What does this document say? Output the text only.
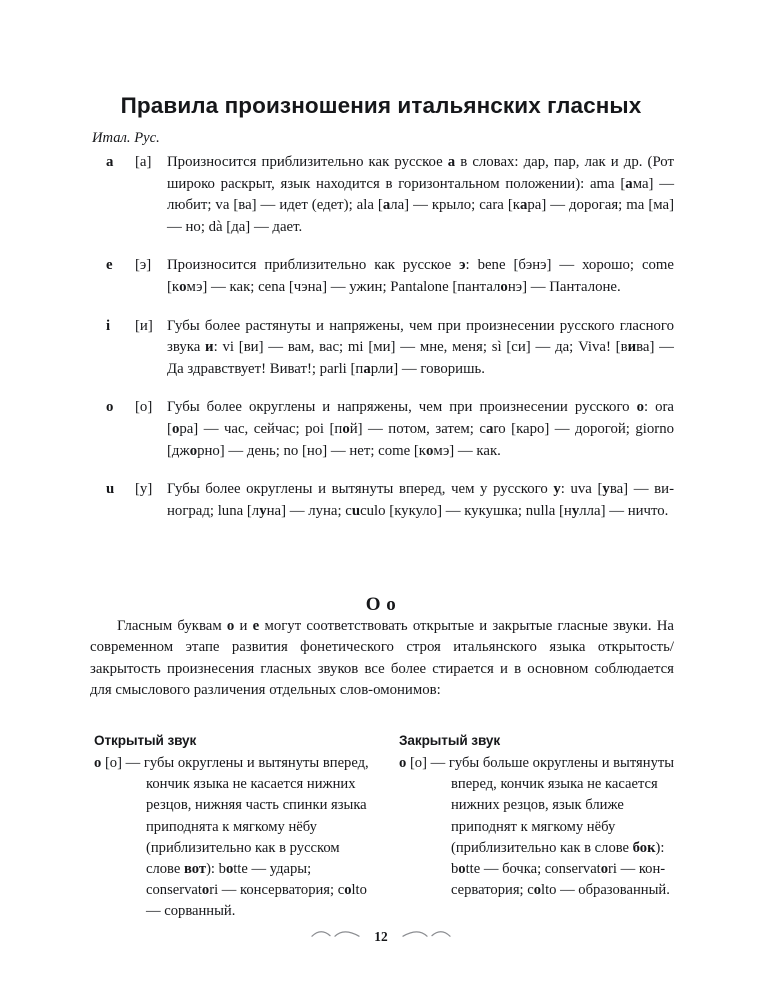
Правила произношения итальянских гласных
Итал. Рус.
a	[а]	Произносится приблизительно как русское а в словах: дар, пар, лак и др. (Рот широко раскрыт, язык находится в горизонтальном положении): ama [ама] — любит; va [ва] — идет (едет); ala [ала] — крыло; cara [кара] — дорогая; ma [ма] — но; dà [да] — дает.
e	[э]	Произносится приблизительно как русское э: bene [бэнэ] — хорошо; come [комэ] — как; cena [чэна] — ужин; Pantalone [панталонэ] — Панталоне.
i	[и] Губы более растянуты и напряжены, чем при произнесении русского гласного звука и: vi [ви] — вам, вас; mi [ми] — мне, меня; sì [си] — да; Viva! [вива] — Да здравствует! Виват!; parli [парли] — говоришь.
o	[о] Губы более округлены и напряжены, чем при произнесении русского о: ora [ора] — час, сейчас; poi [пой] — потом, затем; caro [каро] — дорогой; giorno [джорно] — день; no [но] — нет; come [комэ] — как.
u	[у] Губы более округлены и вытянуты вперед, чем у русского у: uva [ува] — виноград; luna [луна] — луна; cuculo [кукуло] — кукушка; nulla [нулла] — ничто.
O o
Гласным буквам о и е могут соответствовать открытые и закрытые гласные звуки. На современном этапе развития фонетического строя итальянского языка открытость/закрытость произнесения гласных звуков все более стирается и в основном соблюдается для смыслового различения отдельных слов-омонимов:
Открытый звук
о [о] — губы округлены и вытянуты вперед, кончик языка не касается нижних резцов, нижняя часть спинки языка приподнята к мягкому нёбу (приблизительно как в русском слове вот): botte — удары; conservatori — консерватория; colto — сорванный.
Закрытый звук
о [о] — губы больше округлены и вытянуты вперед, кончик языка не касается нижних резцов, язык ближе приподнят к мягкому нёбу (приблизительно как в слове бок): botte — бочка; conservatori — консерватория; colto — образованный.
12
